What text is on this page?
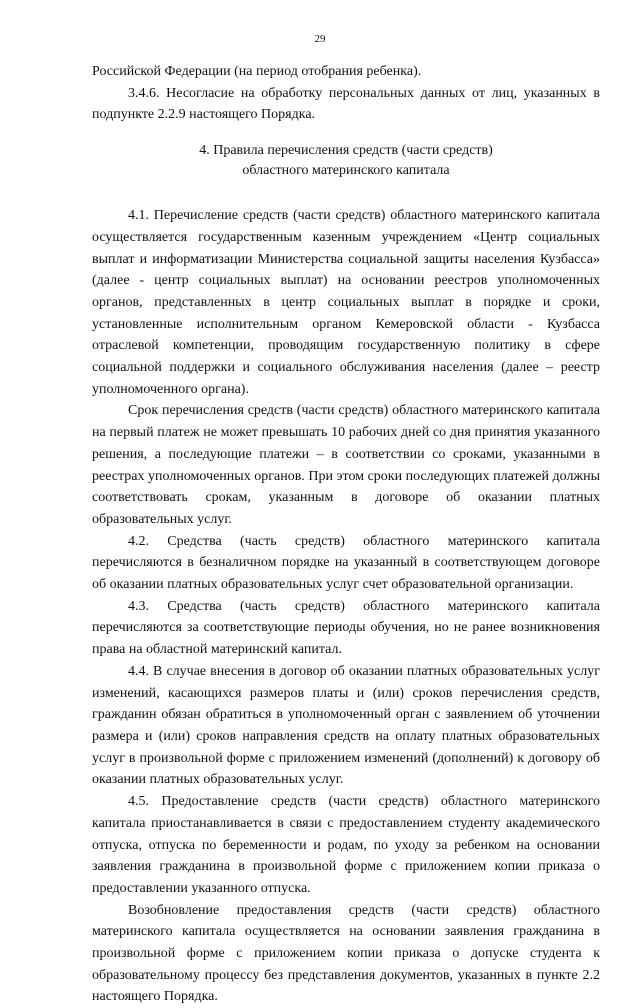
29

Российской Федерации (на период отобрания ребенка).

3.4.6. Несогласие на обработку персональных данных от лиц, указанных в подпункте 2.2.9 настоящего Порядка.

4. Правила перечисления средств (части средств)
областного материнского капитала

4.1. Перечисление средств (части средств) областного материнского капитала осуществляется государственным казенным учреждением «Центр социальных выплат и информатизации Министерства социальной защиты населения Кузбасса» (далее - центр социальных выплат) на основании реестров уполномоченных органов, представленных в центр социальных выплат в порядке и сроки, установленные исполнительным органом Кемеровской области - Кузбасса отраслевой компетенции, проводящим государственную политику в сфере социальной поддержки и социального обслуживания населения (далее – реестр уполномоченного органа).

Срок перечисления средств (части средств) областного материнского капитала на первый платеж не может превышать 10 рабочих дней со дня принятия указанного решения, а последующие платежи – в соответствии со сроками, указанными в реестрах уполномоченных органов. При этом сроки последующих платежей должны соответствовать срокам, указанным в договоре об оказании платных образовательных услуг.

4.2. Средства (часть средств) областного материнского капитала перечисляются в безналичном порядке на указанный в соответствующем договоре об оказании платных образовательных услуг счет образовательной организации.

4.3. Средства (часть средств) областного материнского капитала перечисляются за соответствующие периоды обучения, но не ранее возникновения права на областной материнский капитал.

4.4. В случае внесения в договор об оказании платных образовательных услуг изменений, касающихся размеров платы и (или) сроков перечисления средств, гражданин обязан обратиться в уполномоченный орган с заявлением об уточнении размера и (или) сроков направления средств на оплату платных образовательных услуг в произвольной форме с приложением изменений (дополнений) к договору об оказании платных образовательных услуг.

4.5. Предоставление средств (части средств) областного материнского капитала приостанавливается в связи с предоставлением студенту академического отпуска, отпуска по беременности и родам, по уходу за ребенком на основании заявления гражданина в произвольной форме с приложением копии приказа о предоставлении указанного отпуска.

Возобновление предоставления средств (части средств) областного материнского капитала осуществляется на основании заявления гражданина в произвольной форме с приложением копии приказа о допуске студента к образовательному процессу без представления документов, указанных в пункте 2.2 настоящего Порядка.
